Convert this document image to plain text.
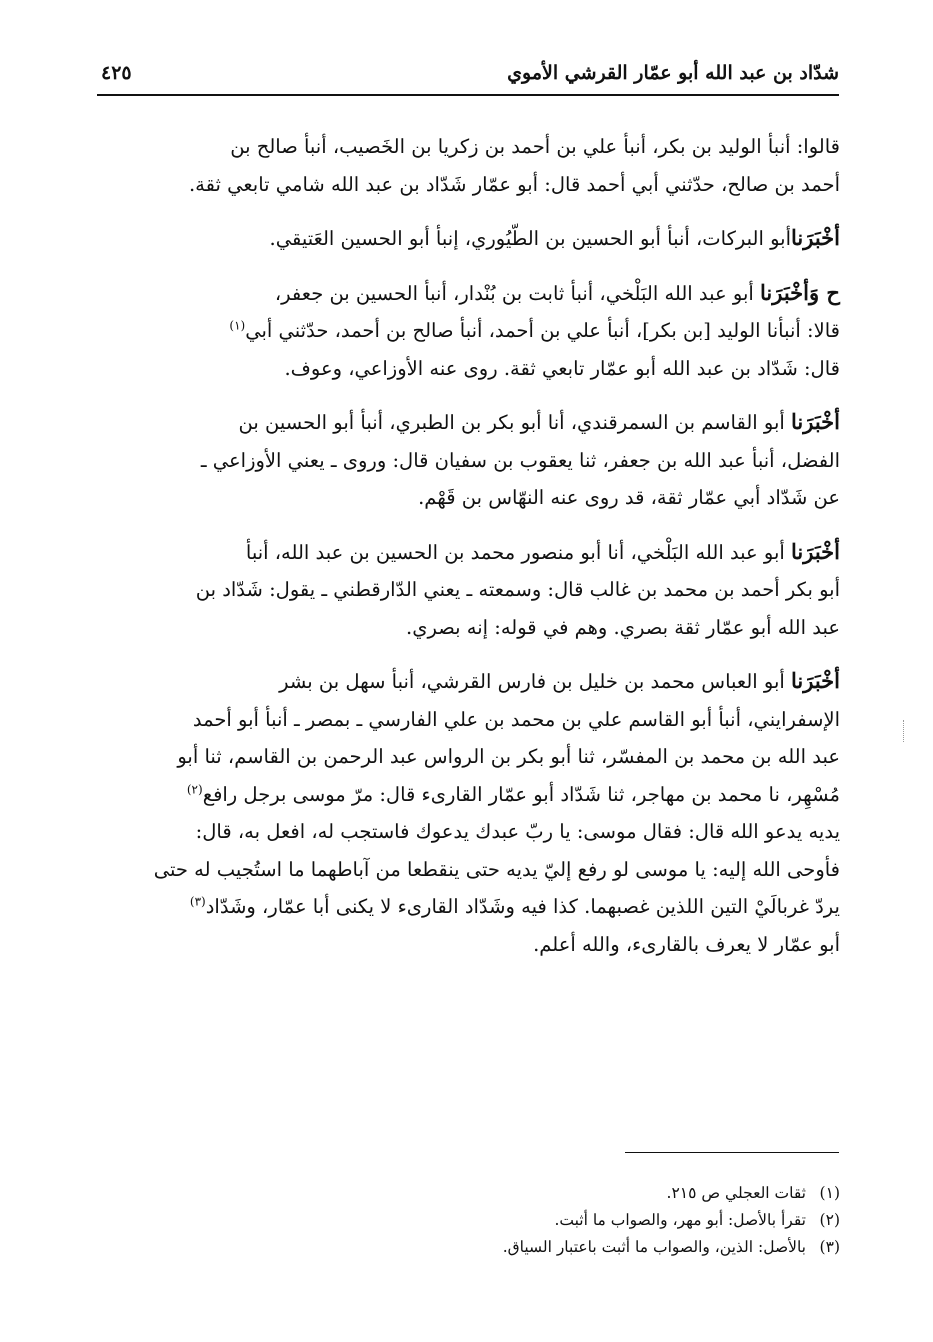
شدّاد بن عبد الله أبو عمّار القرشي الأموي
٤٢٥

قالوا: أنبأ الوليد بن بكر، أنبأ علي بن أحمد بن زكريا بن الخَصيب، أنبأ صالح بن
أحمد بن صالح، حدّثني أبي أحمد قال: أبو عمّار شَدّاد بن عبد الله شامي تابعي ثقة.

أخْبَرَناأبو البركات، أنبأ أبو الحسين بن الطّيُوري، إنبأ أبو الحسين العَتيقي.

ح وَأخْبَرَنا أبو عبد الله البَلْخي، أنبأ ثابت بن بُنْدار، أنبأ الحسين بن جعفر،
قالا: أنبأنا الوليد [بن بكر]، أنبأ علي بن أحمد، أنبأ صالح بن أحمد، حدّثني أبي$^{(١)}$
قال: شَدّاد بن عبد الله أبو عمّار تابعي ثقة. روى عنه الأوزاعي، وعوف.

أخْبَرَنا أبو القاسم بن السمرقندي، أنا أبو بكر بن الطبري، أنبأ أبو الحسين بن
الفضل، أنبأ عبد الله بن جعفر، ثنا يعقوب بن سفيان قال: وروى ـ يعني الأوزاعي ـ
عن شَدّاد أبي عمّار ثقة، قد روى عنه النهّاس بن قَهْم.

أخْبَرَنا أبو عبد الله البَلْخي، أنا أبو منصور محمد بن الحسين بن عبد الله، أنبأ
أبو بكر أحمد بن محمد بن غالب قال: وسمعته ـ يعني الدّارقطني ـ يقول: شَدّاد بن
عبد الله أبو عمّار ثقة بصري. وهم في قوله: إنه بصري.

أخْبَرَنا أبو العباس محمد بن خليل بن فارس القرشي، أنبأ سهل بن بشر
الإسفرايني، أنبأ أبو القاسم علي بن محمد بن علي الفارسي ـ بمصر ـ أنبأ أبو أحمد
عبد الله بن محمد بن المفسّر، ثنا أبو بكر بن الرواس عبد الرحمن بن القاسم، ثنا أبو
مُسْهِر، نا محمد بن مهاجر، ثنا شَدّاد أبو عمّار القارىء قال: مرّ موسى برجل رافع$^{(٢)}$
يديه يدعو الله قال: فقال موسى: يا ربّ عبدك يدعوك فاستجب له، افعل به، قال:
فأوحى الله إليه: يا موسى لو رفع إليّ يديه حتى ينقطعا من آباطهما ما استُجيب له حتى
يردّ غربالَيْ التين اللذين غصبهما. كذا فيه وشَدّاد القارىء لا يكنى أبا عمّار، وشَدّاد$^{(٣)}$
أبو عمّار لا يعرف بالقارىء، والله أعلم.

(١)ثقات العجلي ص ٢١٥.
(٢)تقرأ بالأصل: أبو مهر، والصواب ما أثبت.
(٣)بالأصل: الذين، والصواب ما أثبت باعتبار السياق.
